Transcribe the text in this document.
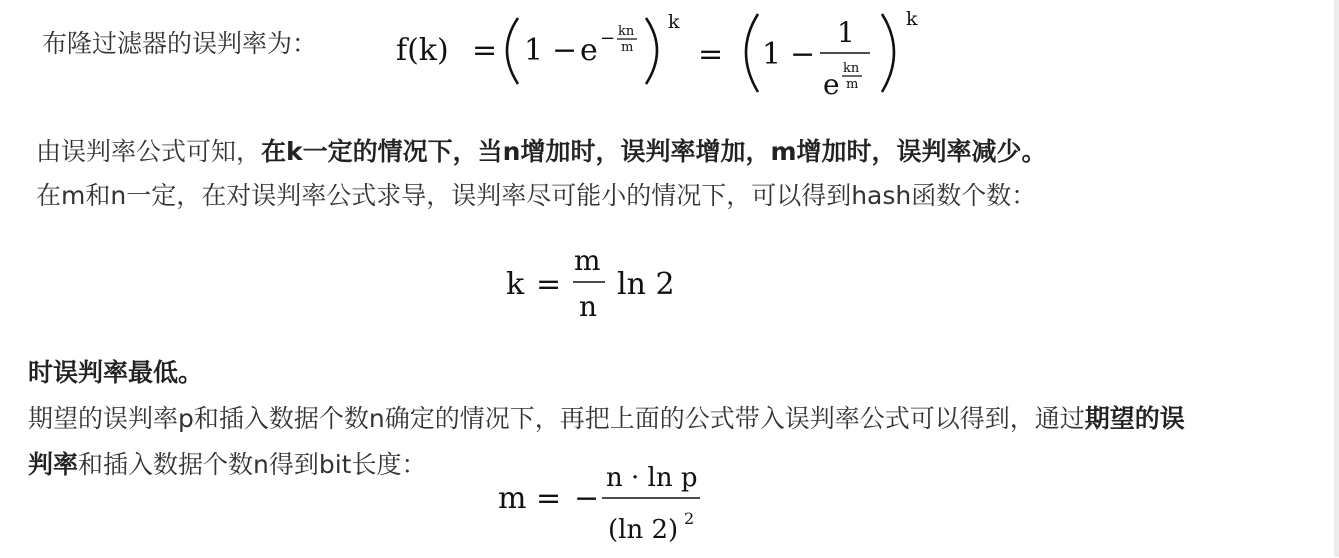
布隆过滤器的误判率为：	f(k) = 1 − e − kn
m
k
= 1 −
1
e kn
m
k
由误判率公式可知，在k一定的情况下，当n增加时，误判率增加，m增加时，误判率减少。
在m和n一定，在对误判率公式求导，误判率尽可能小的情况下，可以得到hash函数个数：
k =
m
n
ln 2
时误判率最低。
期望的误判率p和插入数据个数n确定的情况下，再把上面的公式带入误判率公式可以得到，通过期望的误
判率和插入数据个数n得到bit长度：
m = −
n · ln p
(ln 2) 2
